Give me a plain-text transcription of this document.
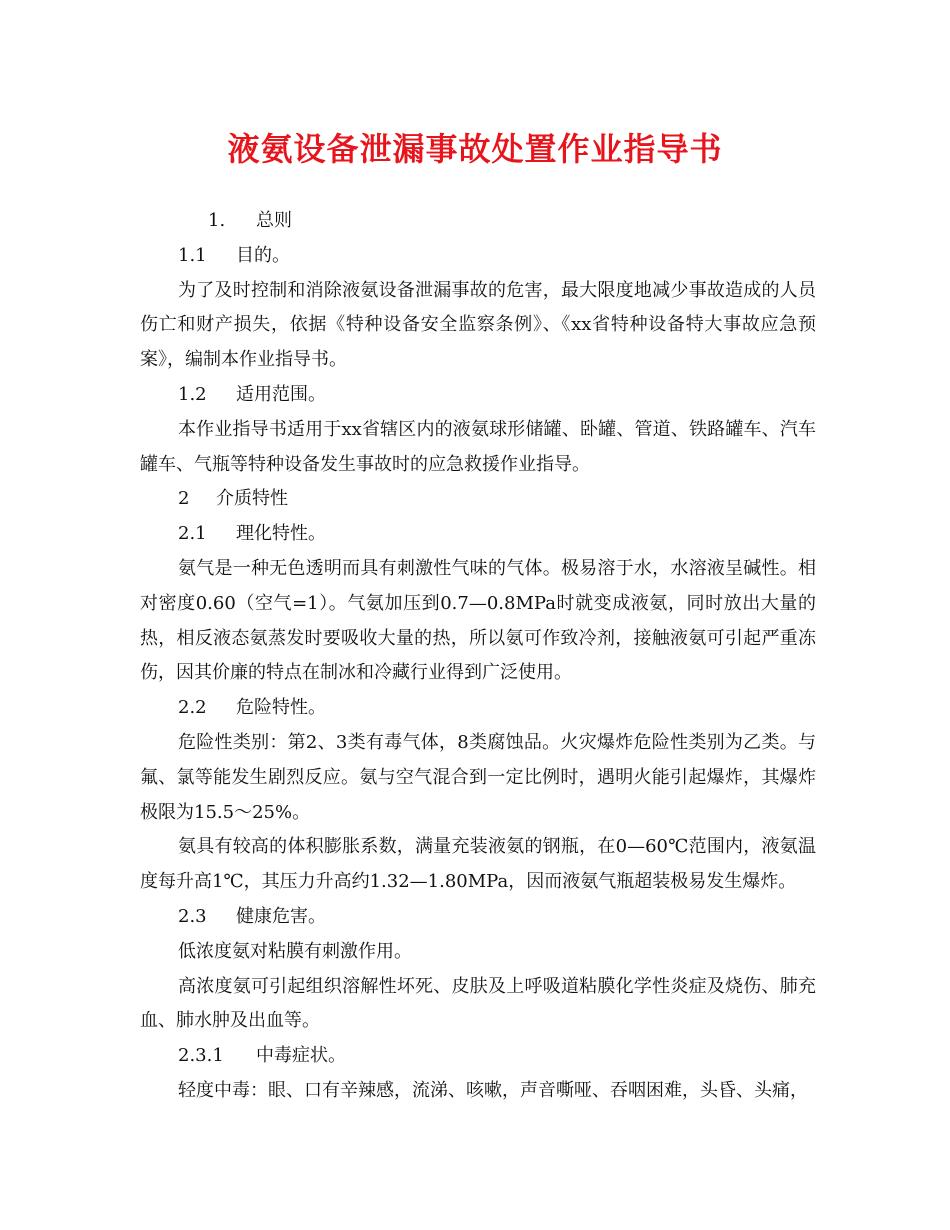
液氨设备泄漏事故处置作业指导书

1. 总则

1.1 目的。

为了及时控制和消除液氨设备泄漏事故的危害，最大限度地减少事故造成的人员伤亡和财产损失，依据《特种设备安全监察条例》、《xx省特种设备特大事故应急预案》，编制本作业指导书。

1.2 适用范围。

本作业指导书适用于xx省辖区内的液氨球形储罐、卧罐、管道、铁路罐车、汽车罐车、气瓶等特种设备发生事故时的应急救援作业指导。

2 介质特性

2.1 理化特性。

氨气是一种无色透明而具有刺激性气味的气体。极易溶于水，水溶液呈碱性。相对密度0.60（空气=1）。气氨加压到0.7—0.8MPa时就变成液氨，同时放出大量的热，相反液态氨蒸发时要吸收大量的热，所以氨可作致冷剂，接触液氨可引起严重冻伤，因其价廉的特点在制冰和冷藏行业得到广泛使用。

2.2 危险特性。

危险性类别：第2、3类有毒气体，8类腐蚀品。火灾爆炸危险性类别为乙类。与氟、氯等能发生剧烈反应。氨与空气混合到一定比例时，遇明火能引起爆炸，其爆炸极限为15.5～25%。

氨具有较高的体积膨胀系数，满量充装液氨的钢瓶，在0—60℃范围内，液氨温度每升高1℃，其压力升高约1.32—1.80MPa，因而液氨气瓶超装极易发生爆炸。

2.3 健康危害。

低浓度氨对粘膜有刺激作用。

高浓度氨可引起组织溶解性坏死、皮肤及上呼吸道粘膜化学性炎症及烧伤、肺充血、肺水肿及出血等。

2.3.1 中毒症状。

轻度中毒：眼、口有辛辣感，流涕、咳嗽，声音嘶哑、吞咽困难，头昏、头痛，
